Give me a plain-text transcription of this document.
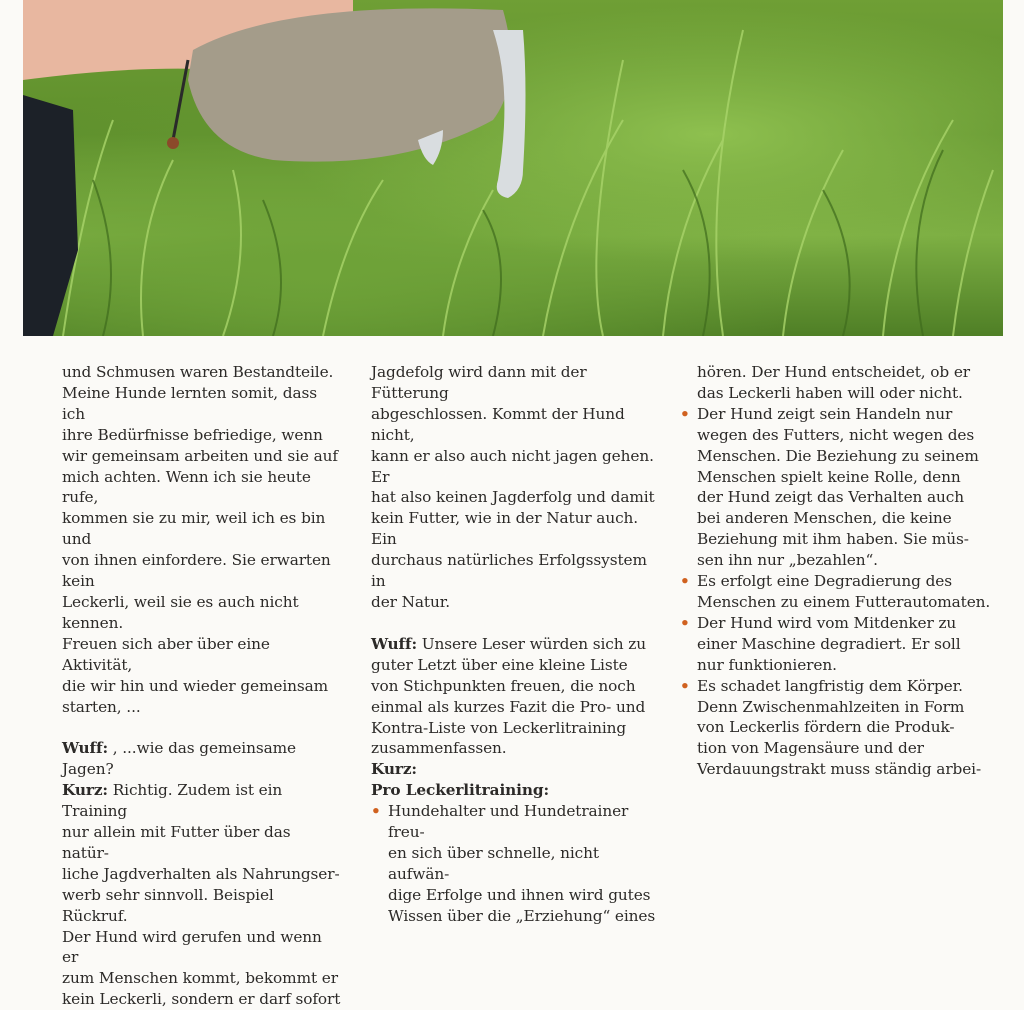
und Schmusen waren Bestandteile.

Meine Hunde lernten somit, dass ich

ihre Bedürfnisse befriedige, wenn

wir gemeinsam arbeiten und sie auf

mich achten. Wenn ich sie heute rufe,

kommen sie zu mir, weil ich es bin und

von ihnen einfordere. Sie erwarten kein

Leckerli, weil sie es auch nicht kennen.

Freuen sich aber über eine Aktivität,

die wir hin und wieder gemeinsam

starten, ...

Wuff: , ...wie das gemeinsame Jagen?

Kurz: Richtig. Zudem ist ein Training

nur allein mit Futter über das natür-

liche Jagdverhalten als Nahrungser-

werb sehr sinnvoll. Beispiel Rückruf.

Der Hund wird gerufen und wenn er

zum Menschen kommt, bekommt er

kein Leckerli, sondern er darf sofort

Jagdefolg wird dann mit der Fütterung

abgeschlossen. Kommt der Hund nicht,

kann er also auch nicht jagen gehen. Er

hat also keinen Jagderfolg und damit

kein Futter, wie in der Natur auch. Ein

durchaus natürliches Erfolgssystem in

der Natur.

Wuff: Unsere Leser würden sich zu

guter Letzt über eine kleine Liste

von Stichpunkten freuen, die noch

einmal als kurzes Fazit die Pro- und

Kontra-Liste von Leckerlitraining

zusammenfassen.

Kurz:

Pro Leckerlitraining:

• Hundehalter und Hundetrainer freu-

en sich über schnelle, nicht aufwän-

dige Erfolge und ihnen wird gutes

Wissen über die „Erziehung“ eines

hören. Der Hund entscheidet, ob er

das Leckerli haben will oder nicht.

• Der Hund zeigt sein Handeln nur

wegen des Futters, nicht wegen des

Menschen. Die Beziehung zu seinem

Menschen spielt keine Rolle, denn

der Hund zeigt das Verhalten auch

bei anderen Menschen, die keine

Beziehung mit ihm haben. Sie müs-

sen ihn nur „bezahlen“.

• Es erfolgt eine Degradierung des

Menschen zu einem Futterautomaten.

• Der Hund wird vom Mitdenker zu

einer Maschine degradiert. Er soll

nur funktionieren.

• Es schadet langfristig dem Körper.

Denn Zwischenmahlzeiten in Form

von Leckerlis fördern die Produk-

tion von Magensäure und der

Verdauungstrakt muss ständig arbei-
